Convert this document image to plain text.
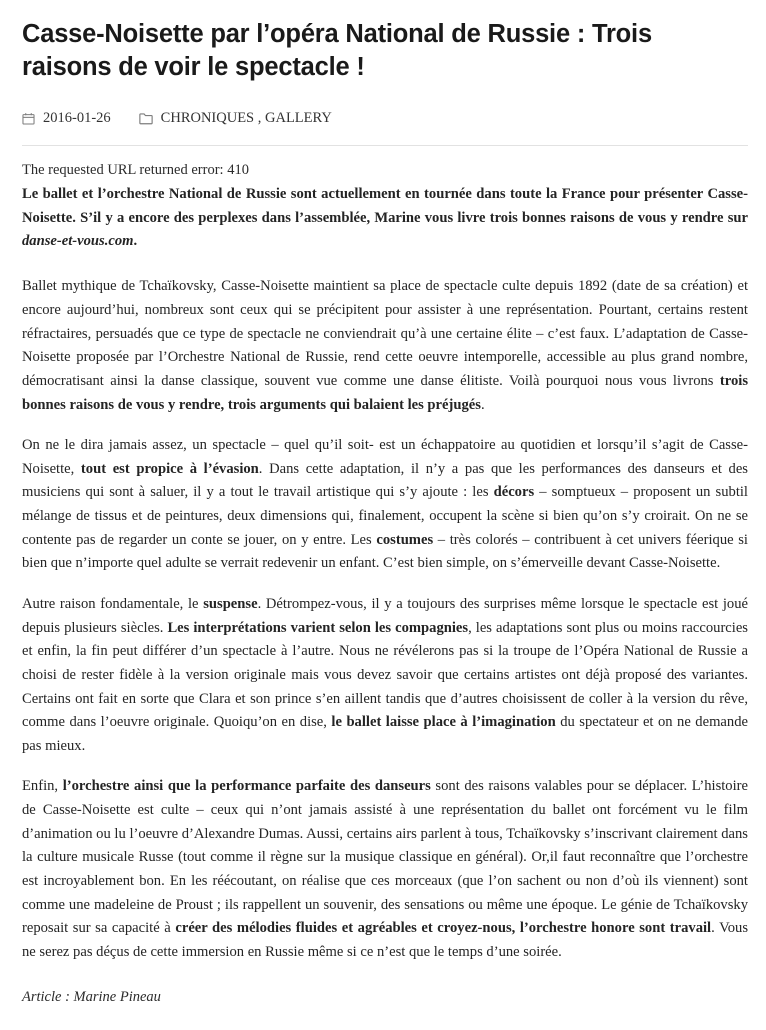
Casse-Noisette par l’opéra National de Russie : Trois raisons de voir le spectacle !
2016-01-26	CHRONIQUES , GALLERY

The requested URL returned error: 410

Le ballet et l’orchestre National de Russie sont actuellement en tournée dans toute la France pour présenter Casse-Noisette. S’il y a encore des perplexes dans l’assemblée, Marine vous livre trois bonnes raisons de vous y rendre sur danse-et-vous.com.

Ballet mythique de Tchaïkovsky, Casse-Noisette maintient sa place de spectacle culte depuis 1892 (date de sa création) et encore aujourd’hui, nombreux sont ceux qui se précipitent pour assister à une représentation. Pourtant, certains restent réfractaires, persuadés que ce type de spectacle ne conviendrait qu’à une certaine élite – c’est faux. L’adaptation de Casse-Noisette proposée par l’Orchestre National de Russie, rend cette oeuvre intemporelle, accessible au plus grand nombre, démocratisant ainsi la danse classique, souvent vue comme une danse élitiste. Voilà pourquoi nous vous livrons trois bonnes raisons de vous y rendre, trois arguments qui balaient les préjugés.

On ne le dira jamais assez, un spectacle – quel qu’il soit- est un échappatoire au quotidien et lorsqu’il s’agit de Casse-Noisette, tout est propice à l’évasion. Dans cette adaptation, il n’y a pas que les performances des danseurs et des musiciens qui sont à saluer, il y a tout le travail artistique qui s’y ajoute : les décors – somptueux – proposent un subtil mélange de tissus et de peintures, deux dimensions qui, finalement, occupent la scène si bien qu’on s’y croirait. On ne se contente pas de regarder un conte se jouer, on y entre. Les costumes – très colorés – contribuent à cet univers féerique si bien que n’importe quel adulte se verrait redevenir un enfant. C’est bien simple, on s’émerveille devant Casse-Noisette.

Autre raison fondamentale, le suspense. Détrompez-vous, il y a toujours des surprises même lorsque le spectacle est joué depuis plusieurs siècles. Les interprétations varient selon les compagnies, les adaptations sont plus ou moins raccourcies et enfin, la fin peut différer d’un spectacle à l’autre. Nous ne révélerons pas si la troupe de l’Opéra National de Russie a choisi de rester fidèle à la version originale mais vous devez savoir que certains artistes ont déjà proposé des variantes. Certains ont fait en sorte que Clara et son prince s’en aillent tandis que d’autres choisissent de coller à la version du rêve, comme dans l’oeuvre originale. Quoiqu’on en dise, le ballet laisse place à l’imagination du spectateur et on ne demande pas mieux.

Enfin, l’orchestre ainsi que la performance parfaite des danseurs sont des raisons valables pour se déplacer. L’histoire de Casse-Noisette est culte – ceux qui n’ont jamais assisté à une représentation du ballet ont forcément vu le film d’animation ou lu l’oeuvre d’Alexandre Dumas. Aussi, certains airs parlent à tous, Tchaïkovsky s’inscrivant clairement dans la culture musicale Russe (tout comme il règne sur la musique classique en général). Or,il faut reconnaître que l’orchestre est incroyablement bon. En les réécoutant, on réalise que ces morceaux (que l’on sachent ou non d’où ils viennent) sont comme une madeleine de Proust ; ils rappellent un souvenir, des sensations ou même une époque. Le génie de Tchaïkovsky reposait sur sa capacité à créer des mélodies fluides et agréables et croyez-nous, l’orchestre honore sont travail. Vous ne serez pas déçus de cette immersion en Russie même si ce n’est que le temps d’une soirée.

Article : Marine Pineau
